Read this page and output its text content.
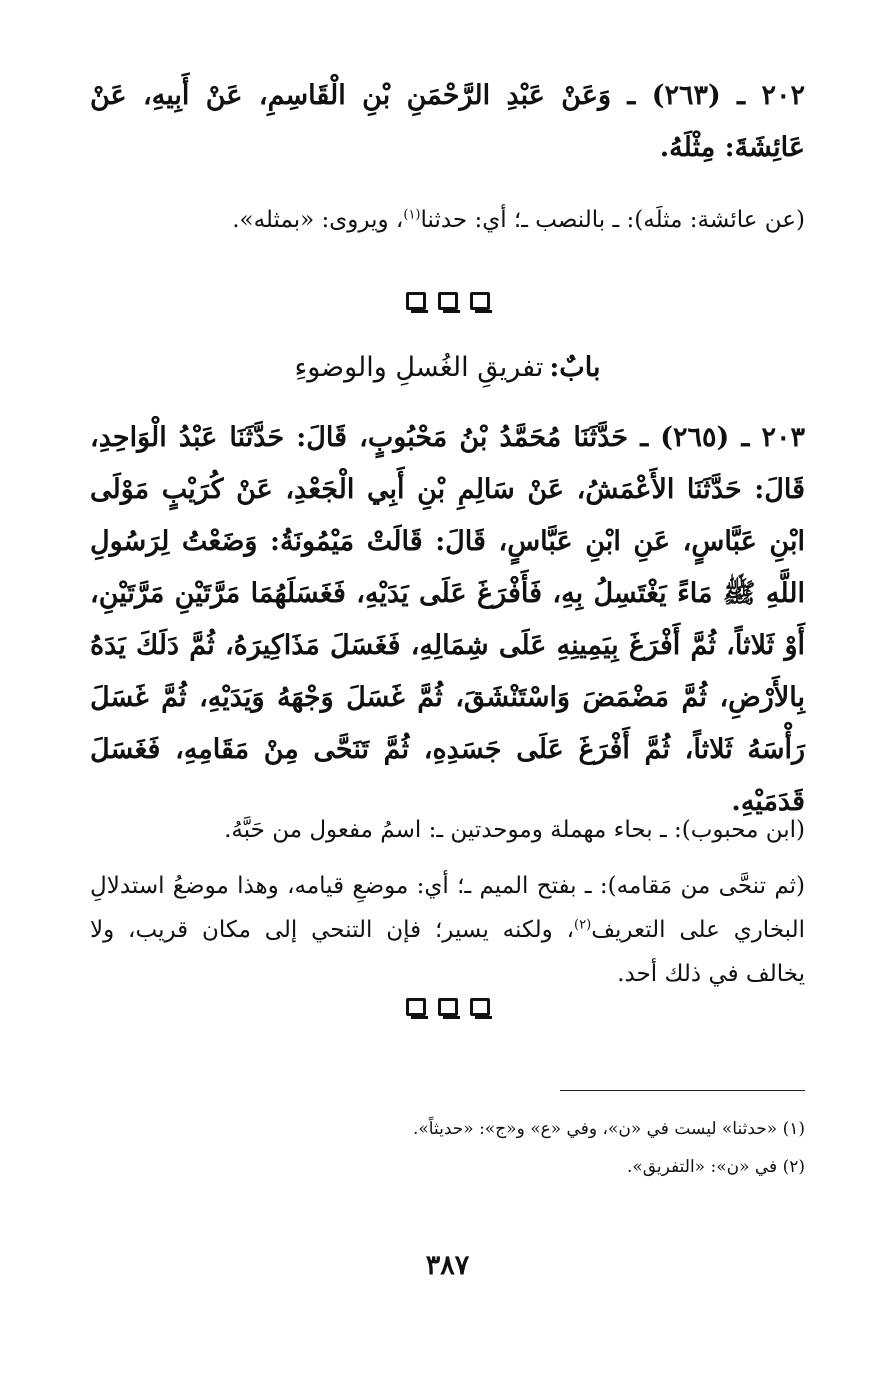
٢٠٢ ـ (٢٦٣) ـ وَعَنْ عَبْدِ الرَّحْمَنِ بْنِ الْقَاسِمِ، عَنْ أَبِيهِ، عَنْ عَائِشَةَ: مِثْلَهُ.

(عن عائشة: مثلَه): ـ بالنصب ـ؛ أي: حدثنا$^{(١)}$، ويروى: «بمثله».

بابٌ:تفريقِ الغُسلِ والوضوءِ

٢٠٣ ـ (٢٦٥) ـ حَدَّثَنَا مُحَمَّدُ بْنُ مَحْبُوبٍ، قَالَ: حَدَّثَنَا عَبْدُ الْوَاحِدِ، قَالَ: حَدَّثَنَا الأَعْمَشُ، عَنْ سَالِمِ بْنِ أَبِي الْجَعْدِ، عَنْ كُرَيْبٍ مَوْلَى ابْنِ عَبَّاسٍ، عَنِ ابْنِ عَبَّاسٍ، قَالَ: قَالَتْ مَيْمُونَةُ: وَضَعْتُ لِرَسُولِ اللَّهِ ﷺ مَاءً يَغْتَسِلُ بِهِ، فَأَفْرَغَ عَلَى يَدَيْهِ، فَغَسَلَهُمَا مَرَّتَيْنِ مَرَّتَيْنِ، أَوْ ثَلاثاً، ثُمَّ أَفْرَغَ بِيَمِينِهِ عَلَى شِمَالِهِ، فَغَسَلَ مَذَاكِيرَهُ، ثُمَّ دَلَكَ يَدَهُ بِالأَرْضِ، ثُمَّ مَضْمَضَ وَاسْتَنْشَقَ، ثُمَّ غَسَلَ وَجْهَهُ وَيَدَيْهِ، ثُمَّ غَسَلَ رَأْسَهُ ثَلاثاً، ثُمَّ أَفْرَغَ عَلَى جَسَدِهِ، ثُمَّ تَنَحَّى مِنْ مَقَامِهِ، فَغَسَلَ قَدَمَيْهِ.

(ابن محبوب): ـ بحاء مهملة وموحدتين ـ: اسمُ مفعول من حَبَّهُ.

(ثم تنحَّى من مَقامه): ـ بفتح الميم ـ؛ أي: موضعِ قيامه، وهذا موضعُ استدلالِ البخاري على التعريف$^{(٢)}$، ولكنه يسير؛ فإن التنحي إلى مكان قريب، ولا يخالف في ذلك أحد.

(١) «حدثنا» ليست في «ن»، وفي «ع» و«ج»: «حديثاً».

(٢) في «ن»: «التفريق».

٣٨٧
